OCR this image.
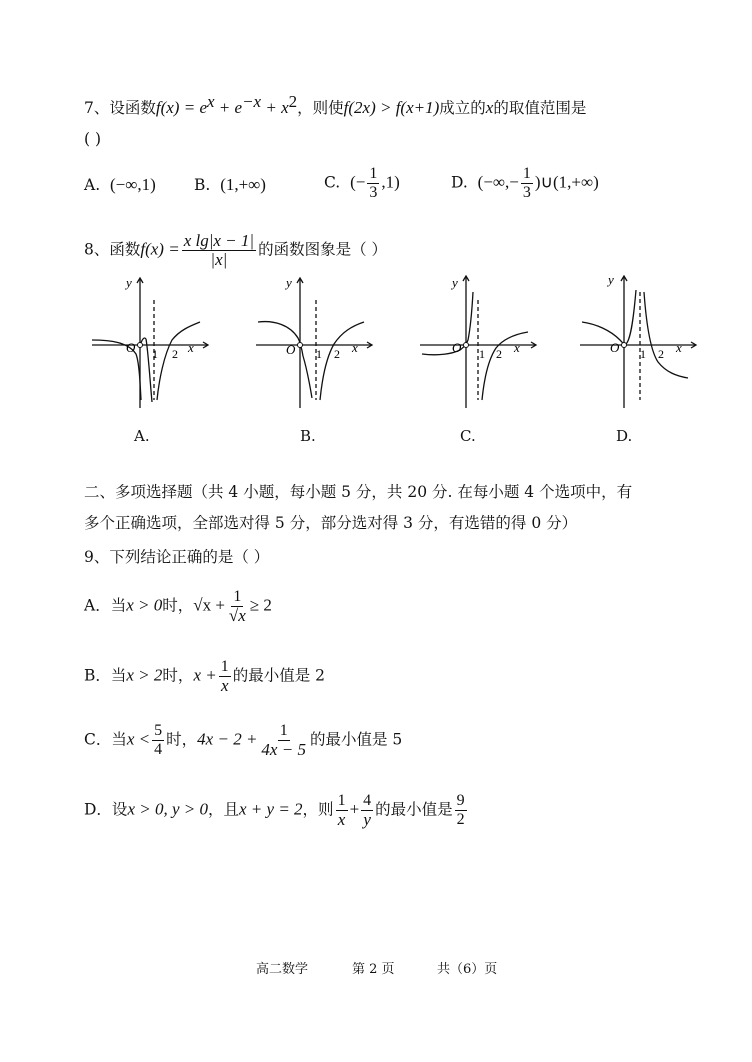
7、设函数$f(x) = e^x + e^{-x} + x^2$，则使f(2x) > f(x+1)成立的x的取值范围是
( )
A. (−∞,1) B. (1,+∞)	C. (− $\frac{1}{3} ,1$)	D. (−∞,− $\frac{1}{3}$ )∪(1,+∞)
8、函数$f(x) = \frac{\text{x lg|x − 1|}}{|x|}$ 的函数图象是（ ）
y
O 1 2 x
A.
y
O 1 2 x
B.
y
O 1 2 x
C.
y
O 1 2 x
D.
二、多项选择题（共 4 小题，每小题 5 分，共 20 分. 在每小题 4 个选项中，有
多个正确选项，全部选对得 5 分，部分选对得 3 分，有选错的得 0 分）
9、下列结论正确的是（ ）
A．当x > 0时，$√x + \frac{1}{√x} \ge 2$
B．当x > 2时，$x + \frac{1}{x}$ 的最小值是 2
C．当$x < \frac{5}{4}$ 时，$4x - 2 + \frac{1}{4x - 5}$ 的最小值是 5
D．设x > 0, y > 0，且x + y = 2，则 $\frac{1}{x} + \frac{4}{y}$ 的最小值是 $\frac{9}{2}$
高二数学	第 2 页	共（6）页
